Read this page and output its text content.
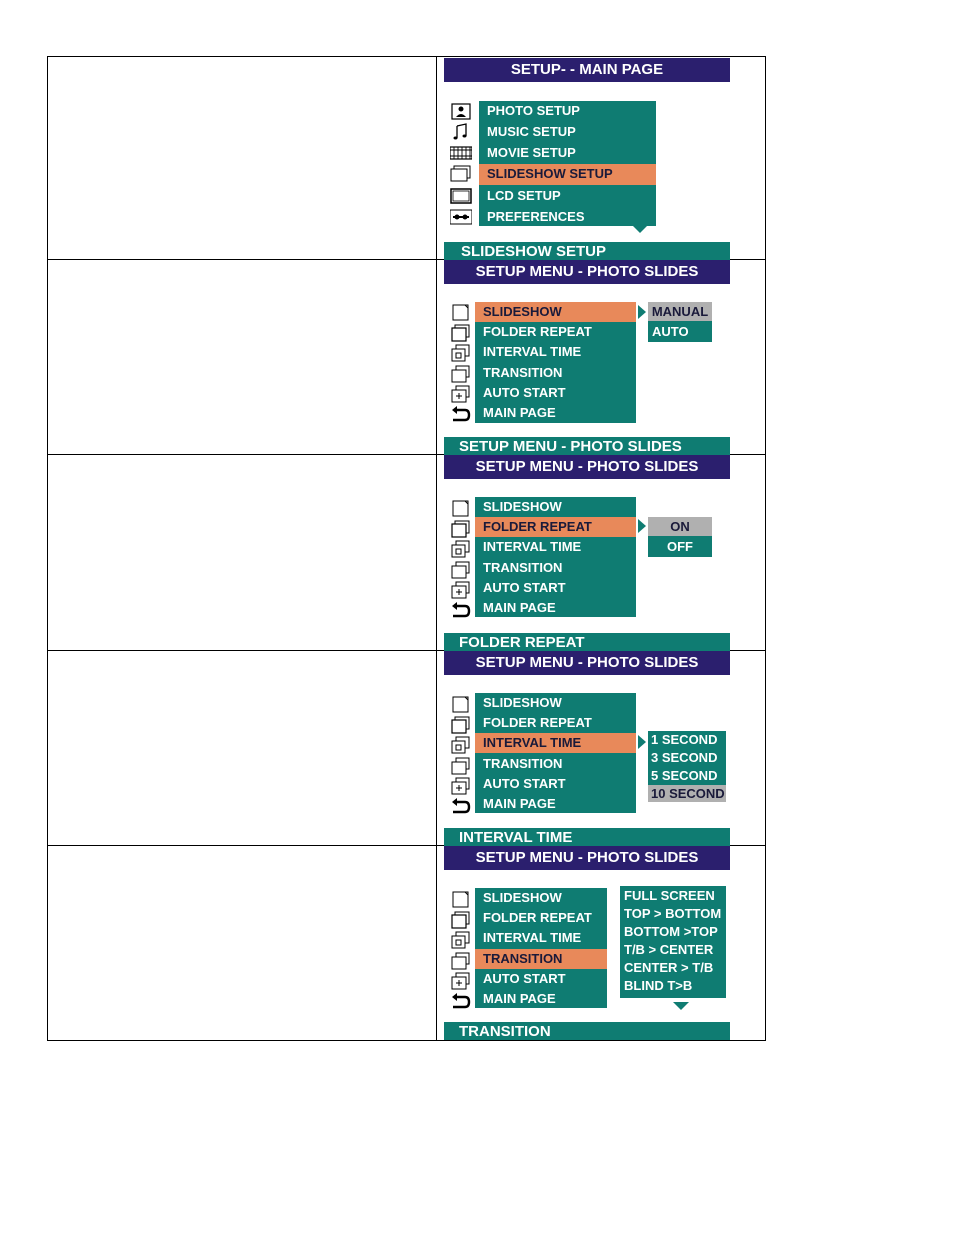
SETUP- - MAIN PAGE
PHOTO SETUP
MUSIC SETUP
MOVIE SETUP
SLIDESHOW SETUP
LCD SETUP
PREFERENCES
SLIDESHOW SETUP
SETUP MENU - PHOTO SLIDES
SLIDESHOW
FOLDER REPEAT
INTERVAL TIME
TRANSITION
AUTO START
MAIN PAGE
MANUAL
AUTO
SETUP MENU - PHOTO SLIDES
SETUP MENU - PHOTO SLIDES
SLIDESHOW
FOLDER REPEAT
INTERVAL TIME
TRANSITION
AUTO START
MAIN PAGE
ON
OFF
FOLDER REPEAT
SETUP MENU - PHOTO SLIDES
SLIDESHOW
FOLDER REPEAT
INTERVAL TIME
TRANSITION
AUTO START
MAIN PAGE
1 SECOND
3 SECOND
5 SECOND
10 SECOND
INTERVAL TIME
SETUP MENU - PHOTO SLIDES
SLIDESHOW
FOLDER REPEAT
INTERVAL TIME
TRANSITION
AUTO START
MAIN PAGE
FULL SCREEN
TOP > BOTTOM
BOTTOM >TOP
T/B > CENTER
CENTER > T/B
BLIND T>B
TRANSITION
